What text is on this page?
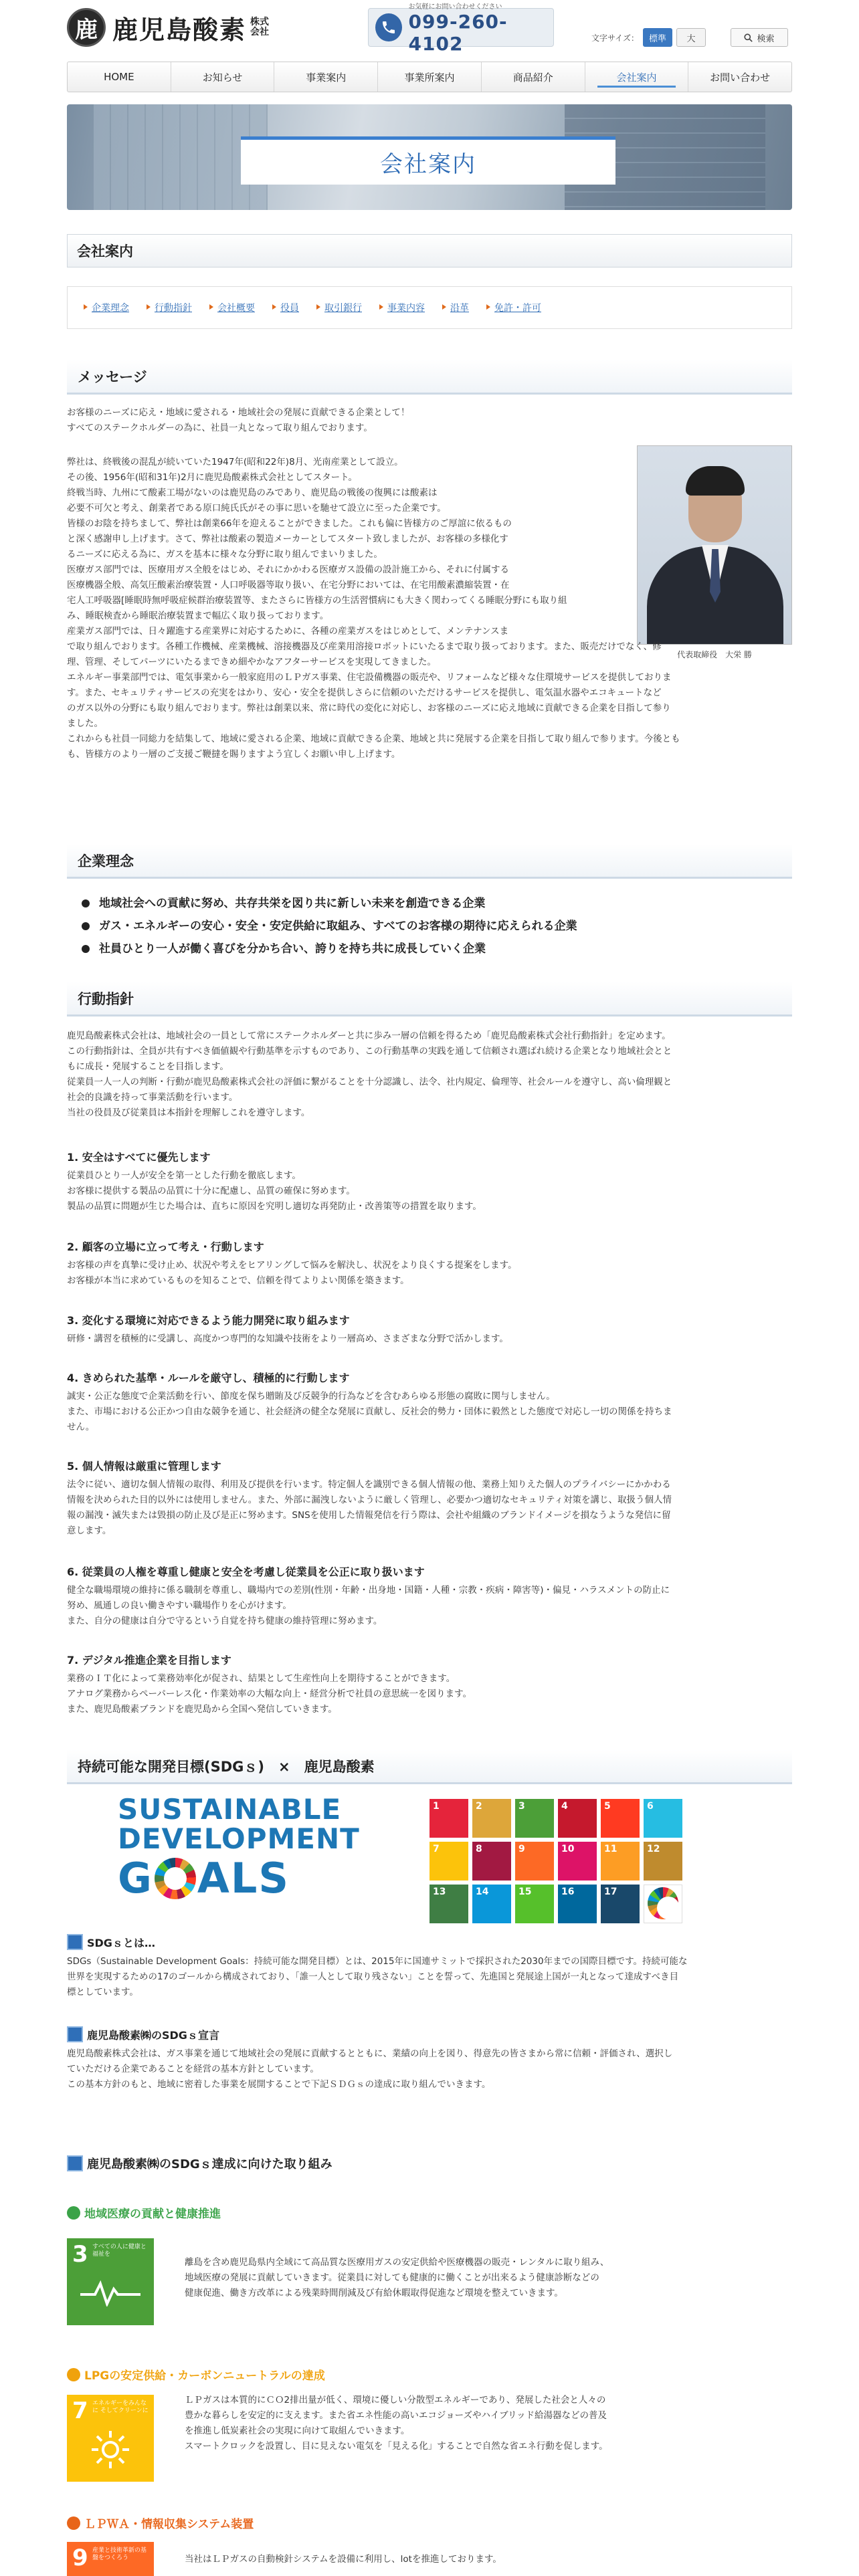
鹿 鹿児島酸素 株式
会社
お気軽にお問い合わせください
099-260-4102	文字サイズ：	標準	大	検索
HOME	お知らせ	事業案内	事業所案内	商品紹介	会社案内	お問い合わせ
会社案内
会社案内
企業理念	行動指針	会社概要	役員	取引銀行	事業内容	沿革	免許・許可
メッセージ
お客様のニーズに応え・地域に愛される・地域社会の発展に貢献できる企業として！
すべてのステークホルダーの為に、社員一丸となって取り組んでおります。
弊社は、終戦後の混乱が続いていた1947年(昭和22年)8月、光南産業として設立。
その後、1956年(昭和31年)2月に鹿児島酸素株式会社としてスタート。
終戦当時、九州にて酸素工場がないのは鹿児島のみであり、鹿児島の戦後の復興には酸素は
必要不可欠と考え、創業者である原口純氏氏がその事に思いを馳せて設立に至った企業です。
皆様のお陰を持ちまして、弊社は創業66年を迎えることができました。これも偏に皆様方のご厚誼に依るもの
と深く感謝申し上げます。さて、弊社は酸素の製造メーカーとしてスタート致しましたが、お客様の多様化す
るニーズに応える為に、ガスを基本に様々な分野に取り組んでまいりました。
医療ガス部門では、医療用ガス全般をはじめ、それにかかわる医療ガス設備の設計施工から、それに付属する
医療機器全般、高気圧酸素治療装置・人口呼吸器等取り扱い、在宅分野においては、在宅用酸素濃縮装置・在
宅人工呼吸器[睡眠時無呼吸症候群治療装置等、またさらに皆様方の生活習慣病にも大きく関わってくる睡眠分野にも取り組
み、睡眠検査から睡眠治療装置まで幅広く取り扱っております。
産業ガス部門では、日々躍進する産業界に対応するために、各種の産業ガスをはじめとして、メンテナンスま
代表取締役　大栄 勝
で取り組んでおります。各種工作機械、産業機械、溶接機器及び産業用溶接ロボットにいたるまで取り扱っております。また、販売だけでなく、修
理、管理、そしてパーツにいたるまできめ細やかなアフターサービスを実現してきました。
エネルギー事業部門では、電気事業から一般家庭用のＬＰガス事業、住宅設備機器の販売や、リフォームなど様々な住環境サービスを提供しておりま
す。また、セキュリティサービスの充実をはかり、安心・安全を提供しさらに信頼のいただけるサービスを提供し、電気温水器やエコキュートなど
のガス以外の分野にも取り組んでおります。弊社は創業以来、常に時代の変化に対応し、お客様のニーズに応え地域に貢献できる企業を目指して参り
ました。
これからも社員一同総力を結集して、地域に愛される企業、地域に貢献できる企業、地域と共に発展する企業を目指して取り組んで参ります。今後とも
も、皆様方のより一層のご支援ご鞭撻を賜りますよう宜しくお願い申し上げます。
企業理念
地域社会への貢献に努め、共存共栄を図り共に新しい未来を創造できる企業
ガス・エネルギーの安心・安全・安定供給に取組み、すべてのお客様の期待に応えられる企業
社員ひとり一人が働く喜びを分かち合い、誇りを持ち共に成長していく企業
行動指針
鹿児島酸素株式会社は、地域社会の一員として常にステークホルダーと共に歩み一層の信頼を得るため「鹿児島酸素株式会社行動指針」を定めます。
この行動指針は、全員が共有すべき価値観や行動基準を示すものであり、この行動基準の実践を通して信頼され選ばれ続ける企業となり地域社会とと
もに成長・発展することを目指します。
従業員一人一人の判断・行動が鹿児島酸素株式会社の評価に繋がることを十分認識し、法令、社内規定、倫理等、社会ルールを遵守し、高い倫理観と
社会的良識を持って事業活動を行います。
当社の役員及び従業員は本指針を理解しこれを遵守します。
1. 安全はすべてに優先します
従業員ひとり一人が安全を第一とした行動を徹底します。
お客様に提供する製品の品質に十分に配慮し、品質の確保に努めます。
製品の品質に問題が生じた場合は、直ちに原因を究明し適切な再発防止・改善策等の措置を取ります。
2. 顧客の立場に立って考え・行動します
お客様の声を真摯に受け止め、状況や考えをヒアリングして悩みを解決し、状況をより良くする提案をします。
お客様が本当に求めているものを知ることで、信頼を得てよりよい関係を築きます。
3. 変化する環境に対応できるよう能力開発に取り組みます
研修・講習を積極的に受講し、高度かつ専門的な知識や技術をより一層高め、さまざまな分野で活かします。
4. きめられた基準・ルールを厳守し、積極的に行動します
誠実・公正な態度で企業活動を行い、節度を保ち贈賄及び反競争的行為などを含むあらゆる形態の腐敗に関与しません。
また、市場における公正かつ自由な競争を通じ、社会経済の健全な発展に貢献し、反社会的勢力・団体に毅然とした態度で対応し一切の関係を持ちま
せん。
5. 個人情報は厳重に管理します
法令に従い、適切な個人情報の取得、利用及び提供を行います。特定個人を識別できる個人情報の他、業務上知りえた個人のプライバシーにかかわる
情報を決められた目的以外には使用しません。また、外部に漏洩しないように厳しく管理し、必要かつ適切なセキュリティ対策を講じ、取扱う個人情
報の漏洩・滅失または毀損の防止及び是正に努めます。SNSを使用した情報発信を行う際は、会社や組織のブランドイメージを損なうような発信に留
意します。
6. 従業員の人権を尊重し健康と安全を考慮し従業員を公正に取り扱います
健全な職場環境の維持に係る職制を尊重し、職場内での差別(性別・年齢・出身地・国籍・人種・宗教・疾病・障害等)・偏見・ハラスメントの防止に
努め、風通しの良い働きやすい職場作りを心がけます。
また、自分の健康は自分で守るという自覚を持ち健康の維持管理に努めます。
7. デジタル推進企業を目指します
業務のＩＴ化によって業務効率化が促され、結果として生産性向上を期待することができます。
アナログ業務からペーパーレス化・作業効率の大幅な向上・経営分析で社員の意思統一を図ります。
また、鹿児島酸素ブランドを鹿児島から全国へ発信していきます。
持続可能な開発目標(SDGｓ)　×　鹿児島酸素
SUSTAINABLE
DEVELOPMENT
G ALS
1	2	3	4	5	6
7	8	9	10	11	12
13	14	15	16	17
SDGｓとは…
SDGs（Sustainable Development Goals：持続可能な開発目標）とは、2015年に国連サミットで採択された2030年までの国際目標です。持続可能な
世界を実現するための17のゴールから構成されており、「誰一人として取り残さない」ことを誓って、先進国と発展途上国が一丸となって達成すべき目
標としています。
鹿児島酸素㈱のSDGｓ宣言
鹿児島酸素株式会社は、ガス事業を通じて地域社会の発展に貢献するとともに、業績の向上を図り、得意先の皆さまから常に信頼・評価され、選択し
ていただける企業であることを経営の基本方針としています。
この基本方針のもと、地域に密着した事業を展開することで下記ＳＤＧｓの達成に取り組んでいきます。
鹿児島酸素㈱のSDGｓ達成に向けた取り組み
地域医療の貢献と健康推進
3 すべての人に健康と福祉を
離島を含め鹿児島県内全域にて高品質な医療用ガスの安定供給や医療機器の販売・レンタルに取り組み、
地域医療の発展に貢献していきます。従業員に対しても健康的に働くことが出来るよう健康診断などの
健康促進、働き方改革による残業時間削減及び有給休暇取得促進など環境を整えていきます。
LPGの安定供給・カーボンニュートラルの達成
7 エネルギーをみんなに そしてクリーンに
ＬＰガスは本質的にＣＯ2排出量が低く、環境に優しい分散型エネルギーであり、発展した社会と人々の
豊かな暮らしを安定的に支えます。また省エネ性能の高いエコジョーズやハイブリッド給湯器などの普及
を推進し低炭素社会の実現に向けて取組んでいきます。
スマートクロックを設置し、目に見えない電気を「見える化」することで自然な省エネ行動を促します。
ＬＰＷＡ・情報収集システム装置
9 産業と技術革新の基盤をつくろう	当社はＬＰガスの自動検針システムを設備に利用し、lotを推進しております。
